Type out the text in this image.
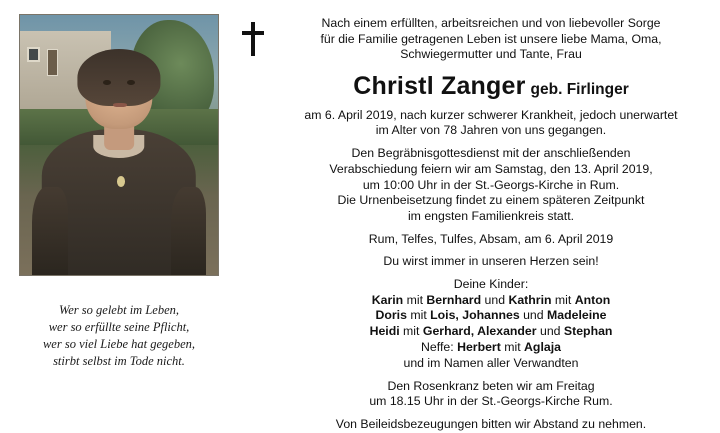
Wer so gelebt im Leben,
wer so erfüllte seine Pflicht,
wer so viel Liebe hat gegeben,
stirbt selbst im Tode nicht.
Nach einem erfüllten, arbeitsreichen und von liebevoller Sorge
für die Familie getragenen Leben ist unsere liebe Mama, Oma,
Schwiegermutter und Tante, Frau
Christl Zanger geb. Firlinger
am 6. April 2019, nach kurzer schwerer Krankheit, jedoch unerwartet
im Alter von 78 Jahren von uns gegangen.
Den Begräbnisgottesdienst mit der anschließenden
Verabschiedung feiern wir am Samstag, den 13. April 2019,
um 10:00 Uhr in der St.-Georgs-Kirche in Rum.
Die Urnenbeisetzung findet zu einem späteren Zeitpunkt
im engsten Familienkreis statt.
Rum, Telfes, Tulfes, Absam, am 6. April 2019
Du wirst immer in unseren Herzen sein!
Deine Kinder:
Karin mit Bernhard und Kathrin mit Anton
Doris mit Lois, Johannes und Madeleine
Heidi mit Gerhard, Alexander und Stephan
Neffe: Herbert mit Aglaja
und im Namen aller Verwandten
Den Rosenkranz beten wir am Freitag
um 18.15 Uhr in der St.-Georgs-Kirche Rum.
Von Beileidsbezeugungen bitten wir Abstand zu nehmen.
